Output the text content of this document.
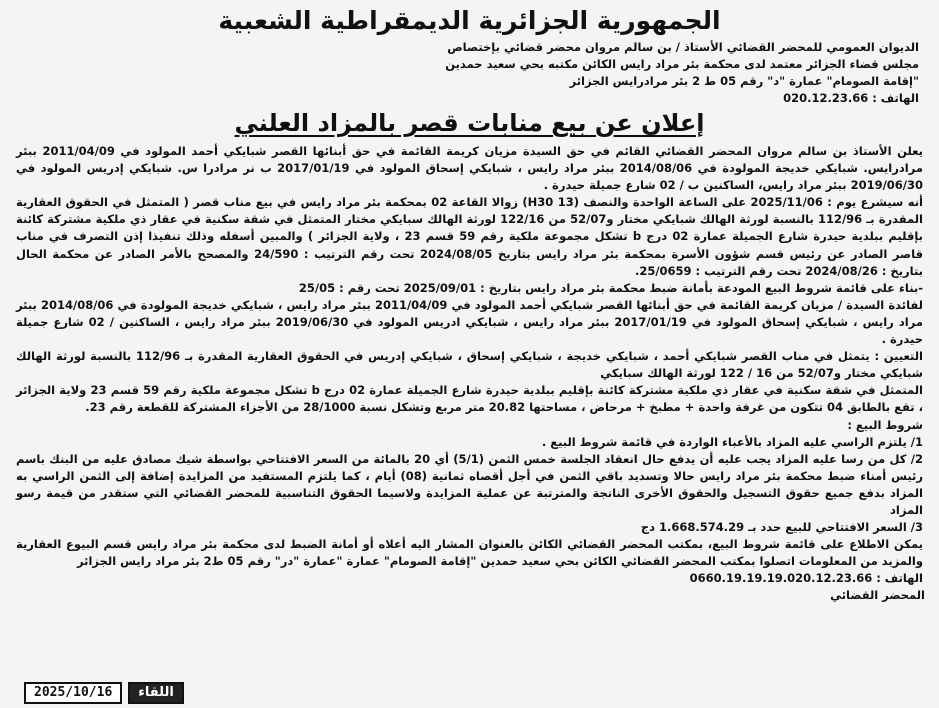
الجمهورية الجزائرية الديمقراطية الشعبية
الديوان العمومي للمحضر القضائي الأستاذ / بن سالم مروان محضر قضائي بإختصاص
مجلس قضاء الجزائر معتمد لدى محكمة بئر مراد رايس الكائن مكتبه بحي سعيد حمدين
"إقامة الصومام" عمارة "د" رقم 05 ط 2 بئر مرادرايس الجزائر
الهاتف : 020.12.23.66
إعلان عن بيع منابات قصر بالمزاد العلني

يعلن الأستاذ بن سالم مروان المحضر القضائي القائم في حق السيدة مزيان كريمة القائمة في حق أبنائها القصر شبايكي أحمد المولود في 2011/04/09 ببئر مرادرايس. شبايكي خديجة المولودة في 2014/08/06 ببئر مراد رايس ، شبايكي إسحاق المولود في 2017/01/19 ب نر مرادرا س. شبايكي إدريس المولود في 2019/06/30 ببئر مراد رايس، الساكنين ب / 02 شارع جميلة حيدرة .

أنه سيشرع يوم : 2025/11/06 على الساعة الواحدة والنصف (13 H30) زوالا القاعة 02 بمحكمة بئر مراد رايس في بيع مناب قصر ( المتمثل في الحقوق العقارية المقدرة بـ 112/96 بالنسبة لورثة الهالك شبايكي مختار و52/07 من 122/16 لورثة الهالك سبايكي مختار المتمثل في شقة سكنية في عقار ذي ملكية مشتركة كائنة بإقليم ببلدية حيدرة شارع الجميلة عمارة 02 درج b تشكل مجموعة ملكية رقم 59 قسم 23 ، ولاية الجزائر ) والمبين أسفله وذلك تنفيذا إذن التصرف في مناب قاصر الصادر عن رئيس قسم شؤون الأسرة بمحكمة بئر مراد رايس بتاريخ 2024/08/05 تحت رقم الترتيب : 24/590 والمصحح بالأمر الصادر عن محكمة الحال بتاريخ : 2024/08/26 تحت رقم الترتيب : 25/0659.

-بناء على قائمة شروط البيع المودعة بأمانة ضبط محكمة بئر مراد رايس بتاريخ : 2025/09/01 تحت رقم : 25/05

لفائدة السيدة / مزيان كريمة القائمة في حق أبنائها القصر شبايكي أحمد المولود في 2011/04/09 ببئر مراد رايس ، شبايكي خديجة المولودة في 2014/08/06 ببئر مراد رايس ، شبايكي إسحاق المولود في 2017/01/19 ببئر مراد رايس ، شبايكي ادريس المولود في 2019/06/30 ببئر مراد رايس ، الساكنين / 02 شارع جميلة حيدرة .

التعيين : يتمثل في مناب القصر شبايكي أحمد ، شبايكي خديجة ، شبايكي إسحاق ، شبايكي إدريس في الحقوق العقارية المقدرة بـ 112/96 بالنسبة لورثة الهالك شبايكي مختار و52/07 من 16 / 122 لورثة الهالك سبايكي

المتمثل في شقة سكنية في عقار ذي ملكية مشتركة كائنة بإقليم ببلدية حيدرة شارع الجميلة عمارة 02 درج b تشكل مجموعة ملكية رقم 59 قسم 23 ولاية الجزائر ، تقع بالطابق 04 تتكون من غرفة واحدة + مطبخ + مرحاض ، مساحتها 20.82 متر مربع وتشكل نسبة 28/1000 من الأجزاء المشتركة للقطعة رقم 23.

شروط البيع :

1/ يلتزم الراسي عليه المزاد بالأعباء الواردة في قائمة شروط البيع .

2/ كل من رسا عليه المزاد يجب عليه أن يدفع حال انعقاد الجلسة خمس الثمن (5/1) أي 20 بالمائة من السعر الافتتاحي بواسطة شيك مصادق عليه من البنك باسم رئيس أمناء ضبط محكمة بئر مراد رايس حالا وتسديد باقي الثمن في أجل أقصاه ثمانية (08) أيام ، كما يلتزم المستفيد من المزايدة إضافة إلى الثمن الراسي به المزاد بدفع جميع حقوق التسجيل والحقوق الأخرى الناتجة والمترتبة عن عملية المزايدة ولاسيما الحقوق التناسبية للمحضر القضائي التي ستقدر من قيمة رسو المزاد

3/ السعر الافتتاحي للبيع حدد بـ 1.668.574.29 دج

يمكن الاطلاع على قائمة شروط البيع، بمكتب المحضر القضائي الكائن بالعنوان المشار اليه أعلاه أو أمانة الضبط لدى محكمة بئر مراد رايس قسم البيوع العقارية والمزيد من المعلومات اتصلوا بمكتب المحضر القضائي الكائن بحي سعيد حمدين "إقامة الصومام" عمارة "عمارة "در" رقم 05 ط2 بئر مراد رايس الجزائر

الهاتف : 0660.19.19.19.020.12.23.66

المحضر القضائي
2025/10/16	اللقاء
